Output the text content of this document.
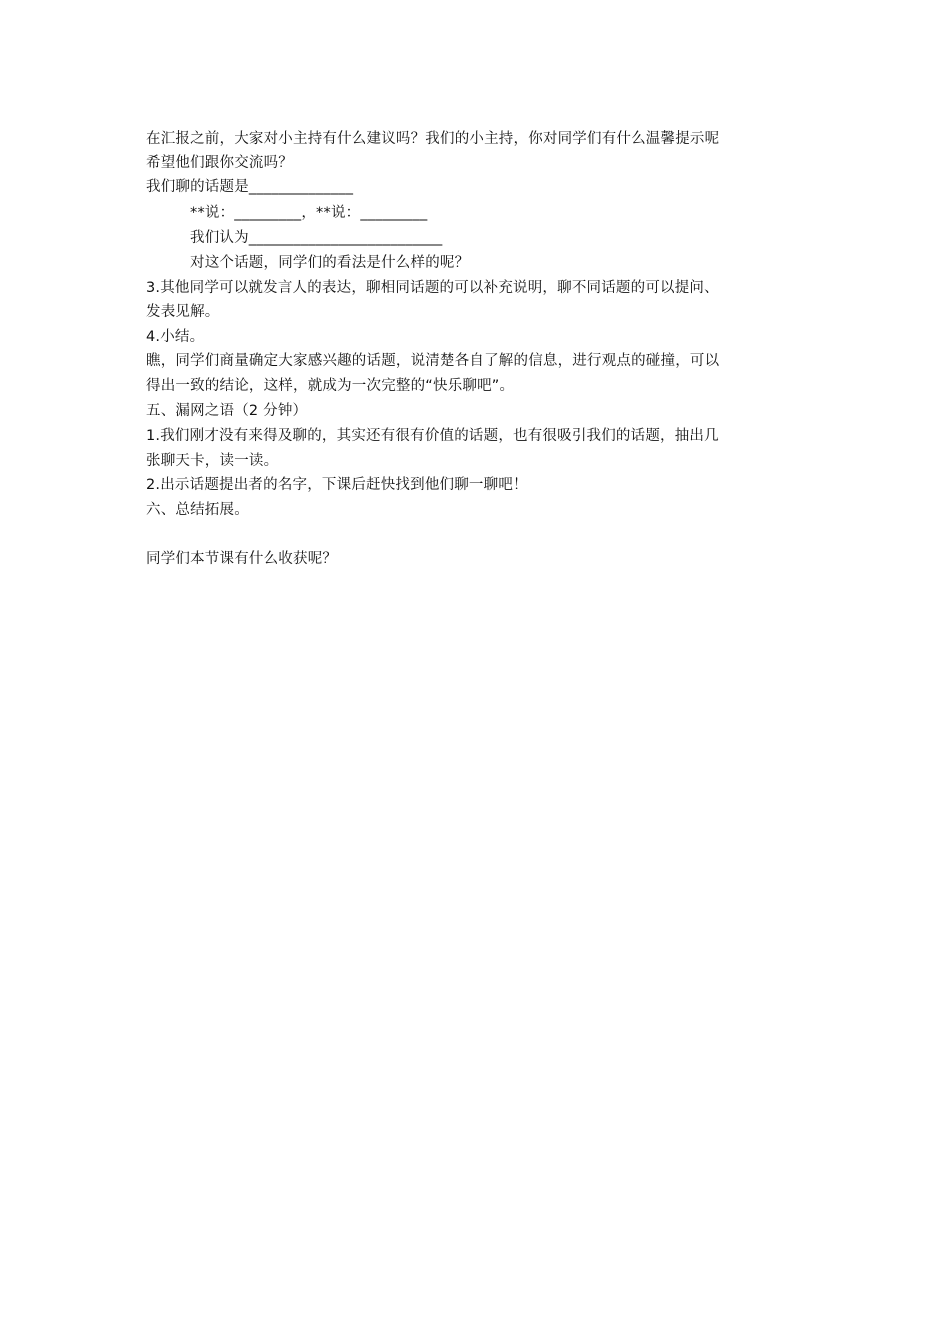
在汇报之前，大家对小主持有什么建议吗？我们的小主持，你对同学们有什么温馨提示呢
希望他们跟你交流吗？
我们聊的话题是______________
**说：_________，**说：_________
我们认为__________________________
对这个话题，同学们的看法是什么样的呢？
3.其他同学可以就发言人的表达，聊相同话题的可以补充说明，聊不同话题的可以提问、
发表见解。
4.小结。
瞧，同学们商量确定大家感兴趣的话题，说清楚各自了解的信息，进行观点的碰撞，可以
得出一致的结论，这样，就成为一次完整的“快乐聊吧”。
五、漏网之语（2 分钟）
1.我们刚才没有来得及聊的，其实还有很有价值的话题，也有很吸引我们的话题，抽出几
张聊天卡，读一读。
2.出示话题提出者的名字，下课后赶快找到他们聊一聊吧！
六、总结拓展。
同学们本节课有什么收获呢？
